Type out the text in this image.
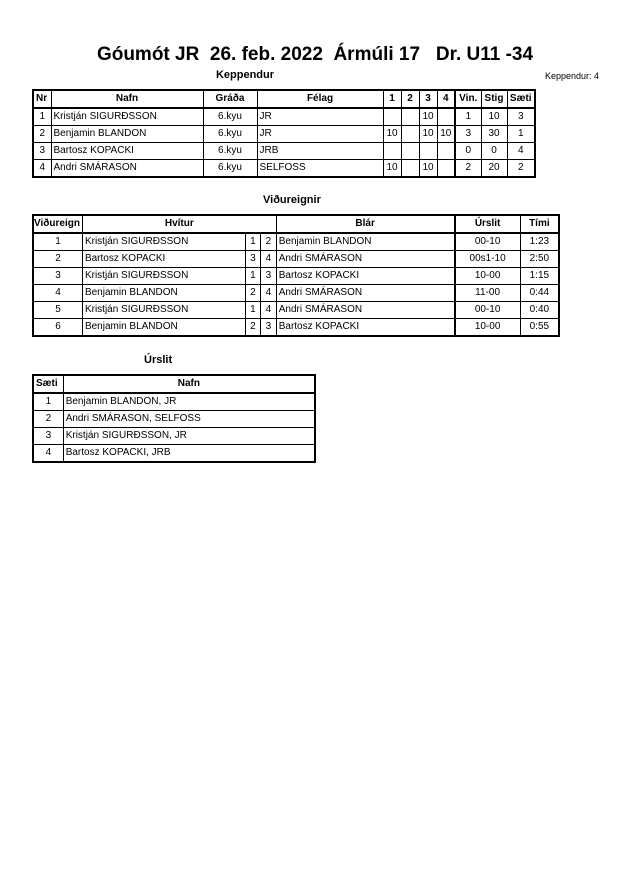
Góumót JR  26. feb. 2022  Ármúli 17   Dr. U11 -34
Keppendur	Keppendur: 4
Nr	Nafn	Gráða	Félag	1	2	3	4	Vin.	Stig	Sæti
1	Kristján SIGURÐSSON	6.kyu	JR			10		1	10	3
2	Benjamin BLANDON	6.kyu	JR	10		10	10	3	30	1
3	Bartosz KOPACKI	6.kyu	JRB					0	0	4
4	Andri SMÁRASON	6.kyu	SELFOSS	10		10		2	20	2
Viðureignir
Viðureign	Hvítur			Blár	Úrslit	Tími
1	Kristján SIGURÐSSON	1	2	Benjamin BLANDON	00-10	1:23
2	Bartosz KOPACKI	3	4	Andri SMÁRASON	00s1-10	2:50
3	Kristján SIGURÐSSON	1	3	Bartosz KOPACKI	10-00	1:15
4	Benjamin BLANDON	2	4	Andri SMÁRASON	11-00	0:44
5	Kristján SIGURÐSSON	1	4	Andri SMÁRASON	00-10	0:40
6	Benjamin BLANDON	2	3	Bartosz KOPACKI	10-00	0:55
Úrslit
Sæti	Nafn
1	Benjamin BLANDON, JR
2	Andri SMÁRASON, SELFOSS
3	Kristján SIGURÐSSON, JR
4	Bartosz KOPACKI, JRB
